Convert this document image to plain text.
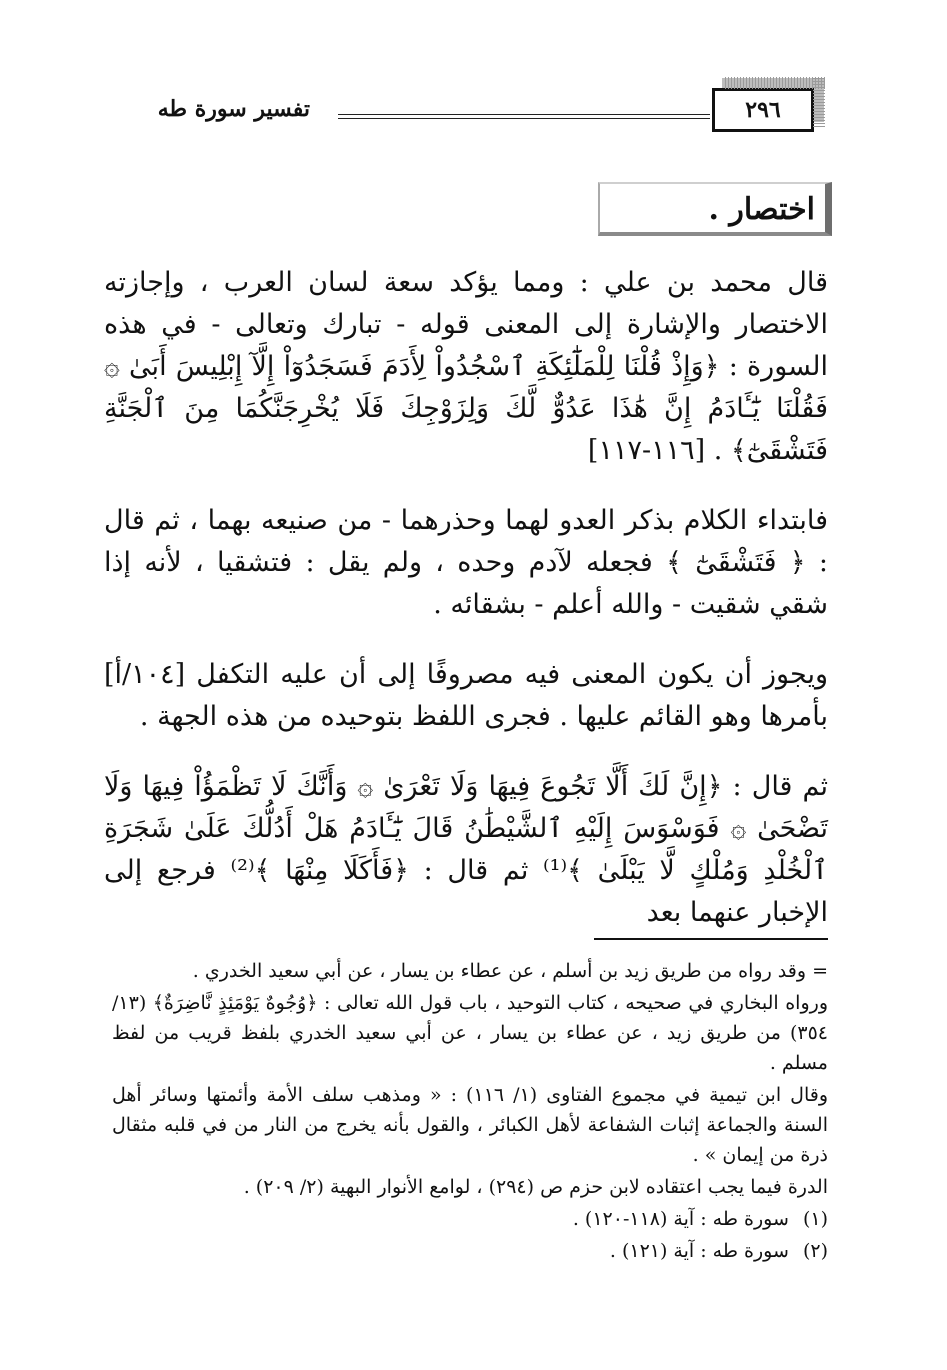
٢٩٦
تفسير سورة طه
اختصار .

قال محمد بن علي : ومما يؤكد سعة لسان العرب ، وإجازته الاختصار والإشارة إلى المعنى قوله - تبارك وتعالى - في هذه السورة : ﴿وَإِذْ قُلْنَا لِلْمَلَٰٓئِكَةِ ٱسْجُدُواْ لِأَدَمَ فَسَجَدُوٓاْ إِلَّآ إِبْلِيسَ أَبَىٰ ۞ فَقُلْنَا يَٰٓـَٔادَمُ إِنَّ هَٰذَا عَدُوٌّ لَّكَ وَلِزَوْجِكَ فَلَا يُخْرِجَنَّكُمَا مِنَ ٱلْجَنَّةِ فَتَشْقَىٰٓ﴾ . [١١٦-١١٧]

فابتداء الكلام بذكر العدو لهما وحذرهما - من صنيعه بهما ، ثم قال : ﴿ فَتَشْقَىٰٓ ﴾ فجعله لآدم وحده ، ولم يقل : فتشقيا ، لأنه إذا شقي شقيت - والله أعلم - بشقائه .

ويجوز أن يكون المعنى فيه مصروفًا إلى أن عليه التكفل [١٠٤/أ] بأمرها وهو القائم عليها . فجرى اللفظ بتوحيده من هذه الجهة .

ثم قال : ﴿إِنَّ لَكَ أَلَّا تَجُوعَ فِيهَا وَلَا تَعْرَىٰ ۞ وَأَنَّكَ لَا تَظْمَؤُاْ فِيهَا وَلَا تَضْحَىٰ ۞ فَوَسْوَسَ إِلَيْهِ ٱلشَّيْطَٰنُ قَالَ يَٰٓـَٔادَمُ هَلْ أَدُلُّكَ عَلَىٰ شَجَرَةِ ٱلْخُلْدِ وَمُلْكٍ لَّا يَبْلَىٰ ﴾⁽¹⁾ ثم قال : ﴿فَأَكَلَا مِنْهَا ﴾⁽²⁾ فرجع إلى الإخبار عنهما بعد

= وقد رواه من طريق زيد بن أسلم ، عن عطاء بن يسار ، عن أبي سعيد الخدري .

ورواه البخاري في صحيحه ، كتاب التوحيد ، باب قول الله تعالى : ﴿وُجُوهٌ يَوْمَئِذٍ نَّاضِرَةٌ﴾ (١٣/ ٣٥٤) من طريق زيد ، عن عطاء بن يسار ، عن أبي سعيد الخدري بلفظ قريب من لفظ مسلم .

وقال ابن تيمية في مجموع الفتاوى (١/ ١١٦) : « ومذهب سلف الأمة وأئمتها وسائر أهل السنة والجماعة إثبات الشفاعة لأهل الكبائر ، والقول بأنه يخرج من النار من في قلبه مثقال ذرة من إيمان » .

الدرة فيما يجب اعتقاده لابن حزم ص (٢٩٤) ، لوامع الأنوار البهية (٢/ ٢٠٩) .

(١) سورة طه : آية (١١٨-١٢٠) .

(٢) سورة طه : آية (١٢١) .
